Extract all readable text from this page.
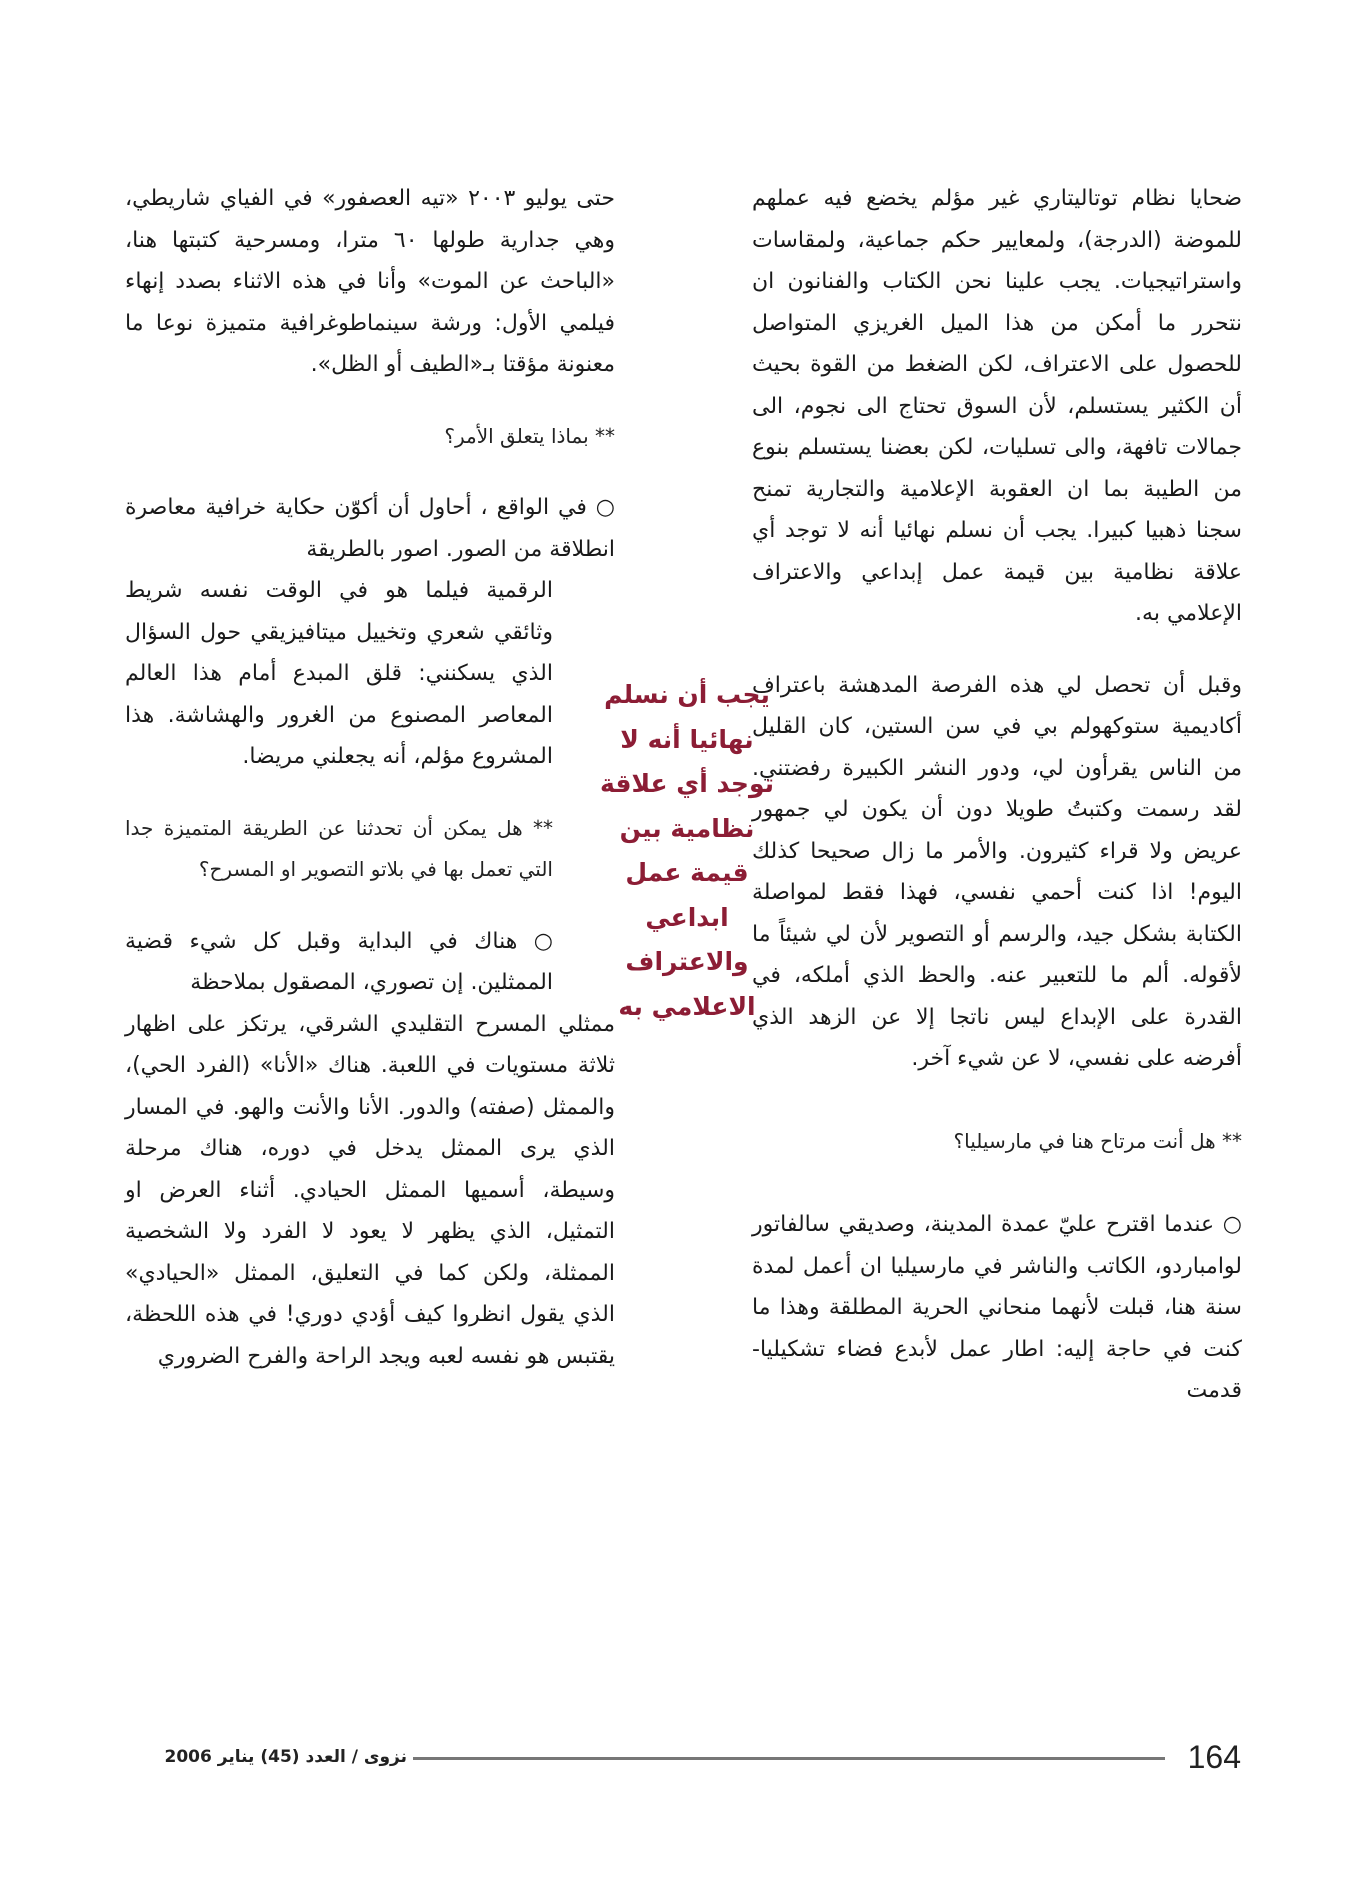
ضحايا نظام توتاليتاري غير مؤلم يخضع فيه عملهم للموضة (الدرجة)، ولمعايير حكم جماعية، ولمقاسات واستراتيجيات. يجب علينا نحن الكتاب والفنانون ان نتحرر ما أمكن من هذا الميل الغريزي المتواصل للحصول على الاعتراف، لكن الضغط من القوة بحيث أن الكثير يستسلم، لأن السوق تحتاج الى نجوم، الى جمالات تافهة، والى تسليات، لكن بعضنا يستسلم بنوع من الطيبة بما ان العقوبة الإعلامية والتجارية تمنح سجنا ذهبيا كبيرا. يجب أن نسلم نهائيا أنه لا توجد أي علاقة نظامية بين قيمة عمل إبداعي والاعتراف الإعلامي به.

وقبل أن تحصل لي هذه الفرصة المدهشة باعتراف أكاديمية ستوكهولم بي في سن الستين، كان القليل من الناس يقرأون لي، ودور النشر الكبيرة رفضتني. لقد رسمت وكتبتُ طويلا دون أن يكون لي جمهور عريض ولا قراء كثيرون. والأمر ما زال صحيحا كذلك اليوم! اذا كنت أحمي نفسي، فهذا فقط لمواصلة الكتابة بشكل جيد، والرسم أو التصوير لأن لي شيئاً ما لأقوله. ألم ما للتعبير عنه. والحظ الذي أملكه، في القدرة على الإبداع ليس ناتجا إلا عن الزهد الذي أفرضه على نفسي، لا عن شيء آخر.

** هل أنت مرتاح هنا في مارسيليا؟

○ عندما اقترح عليّ عمدة المدينة، وصديقي سالفاتور لوامباردو، الكاتب والناشر في مارسيليا ان أعمل لمدة سنة هنا، قبلت لأنهما منحاني الحرية المطلقة وهذا ما كنت في حاجة إليه: اطار عمل لأبدع فضاء تشكيليا- قدمت

يجب أن نسلم نهائيا أنه لا توجد أي علاقة نظامية بين قيمة عمل ابداعي والاعتراف الاعلامي به

حتى يوليو ٢٠٠٣ «تيه العصفور» في الفياي شاريطي، وهي جدارية طولها ٦٠ مترا، ومسرحية كتبتها هنا، «الباحث عن الموت» وأنا في هذه الاثناء بصدد إنهاء فيلمي الأول: ورشة سينماطوغرافية متميزة نوعا ما معنونة مؤقتا بـ«الطيف أو الظل».

** بماذا يتعلق الأمر؟

○ في الواقع ، أحاول أن أكوّن حكاية خرافية معاصرة انطلاقة من الصور. اصور بالطريقة

الرقمية فيلما هو في الوقت نفسه شريط وثائقي شعري وتخييل ميتافيزيقي حول السؤال الذي يسكنني: قلق المبدع أمام هذا العالم المعاصر المصنوع من الغرور والهشاشة. هذا المشروع مؤلم، أنه يجعلني مريضا.

** هل يمكن أن تحدثنا عن الطريقة المتميزة جدا التي تعمل بها في بلاتو التصوير او المسرح؟

○ هناك في البداية وقبل كل شيء قضية الممثلين. إن تصوري، المصقول بملاحظة

ممثلي المسرح التقليدي الشرقي، يرتكز على اظهار ثلاثة مستويات في اللعبة. هناك «الأنا» (الفرد الحي)، والممثل (صفته) والدور. الأنا والأنت والهو. في المسار الذي يرى الممثل يدخل في دوره، هناك مرحلة وسيطة، أسميها الممثل الحيادي. أثناء العرض او التمثيل، الذي يظهر لا يعود لا الفرد ولا الشخصية الممثلة، ولكن كما في التعليق، الممثل «الحيادي» الذي يقول انظروا كيف أؤدي دوري! في هذه اللحظة، يقتبس هو نفسه لعبه ويجد الراحة والفرح الضروري

نزوى / العدد (45) يناير 2006	164
